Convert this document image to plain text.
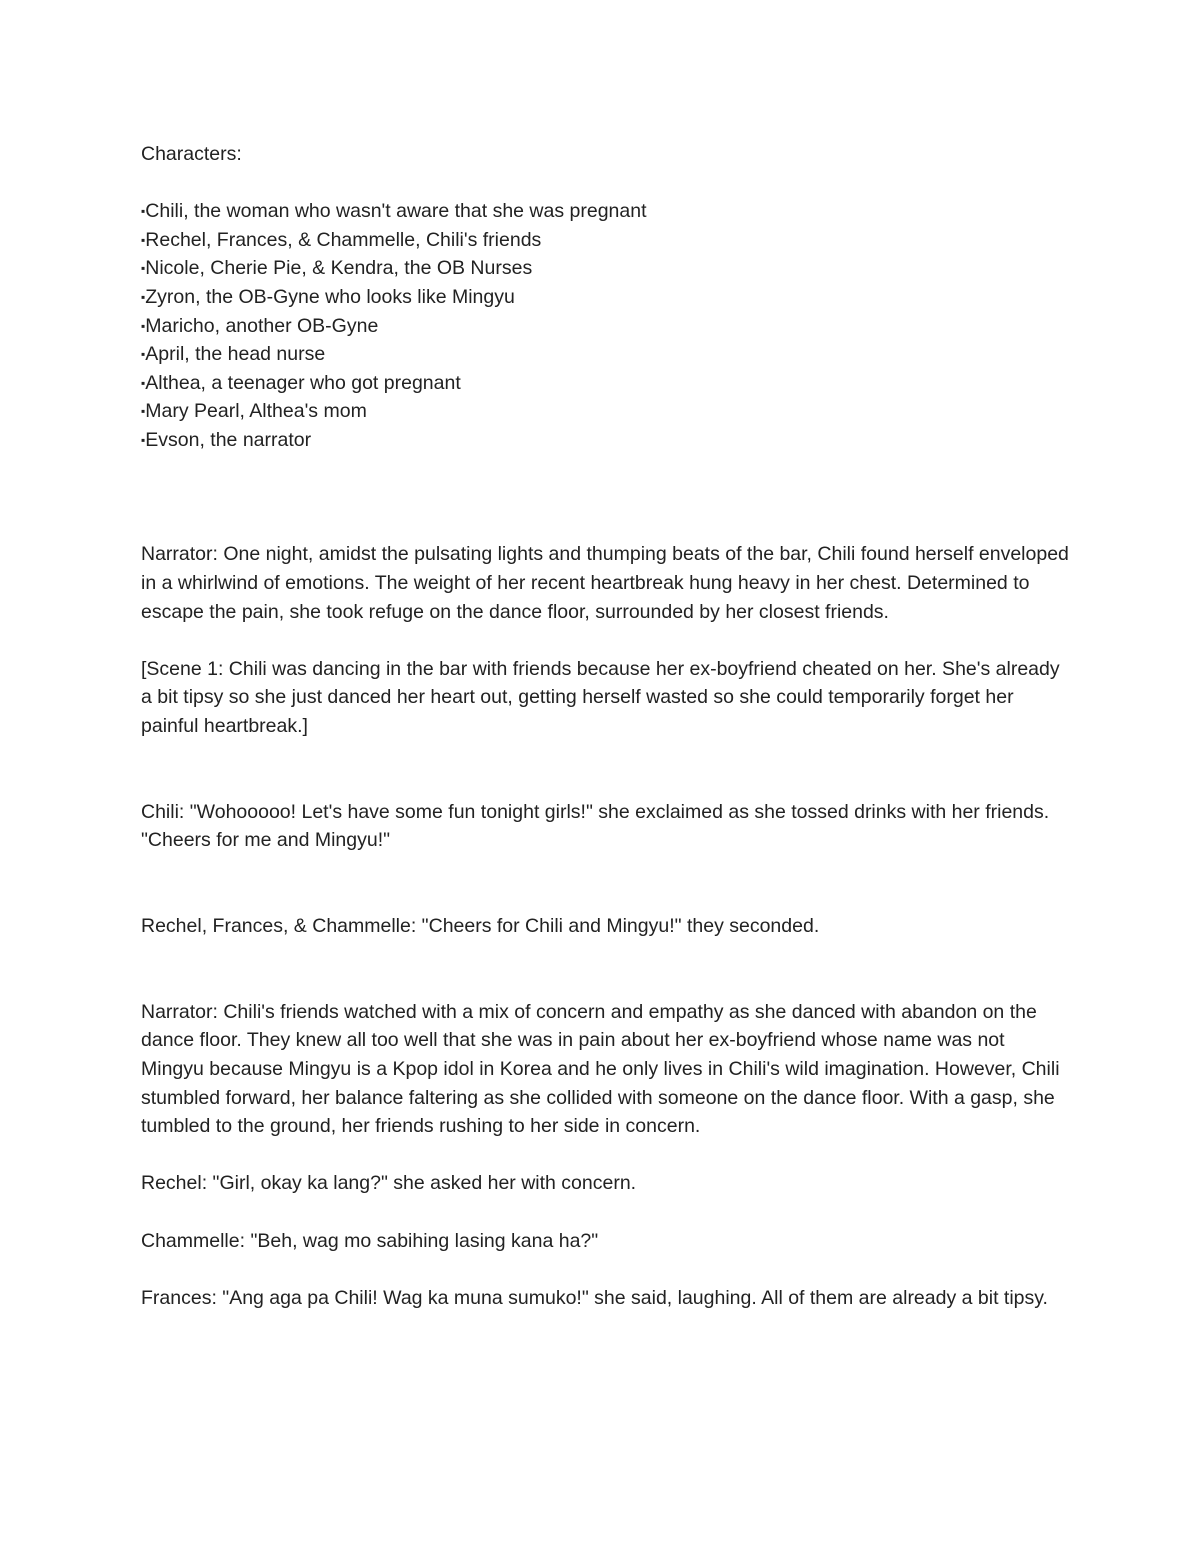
Characters:

▪Chili, the woman who wasn't aware that she was pregnant
▪Rechel, Frances, & Chammelle, Chili's friends
▪Nicole, Cherie Pie, & Kendra, the OB Nurses
▪Zyron, the OB-Gyne who looks like Mingyu
▪Maricho, another OB-Gyne
▪April, the head nurse
▪Althea, a teenager who got pregnant
▪Mary Pearl, Althea's mom
▪Evson, the narrator

Narrator: One night, amidst the pulsating lights and thumping beats of the bar, Chili found herself enveloped in a whirlwind of emotions. The weight of her recent heartbreak hung heavy in her chest. Determined to escape the pain, she took refuge on the dance floor, surrounded by her closest friends.

[Scene 1: Chili was dancing in the bar with friends because her ex-boyfriend cheated on her. She's already a bit tipsy so she just danced her heart out, getting herself wasted so she could temporarily forget her painful heartbreak.]

Chili: "Wohooooo! Let's have some fun tonight girls!" she exclaimed as she tossed drinks with her friends. "Cheers for me and Mingyu!"

Rechel, Frances, & Chammelle: "Cheers for Chili and Mingyu!" they seconded.

Narrator: Chili's friends watched with a mix of concern and empathy as she danced with abandon on the dance floor. They knew all too well that she was in pain about her ex-boyfriend whose name was not Mingyu because Mingyu is a Kpop idol in Korea and he only lives in Chili's wild imagination. However, Chili stumbled forward, her balance faltering as she collided with someone on the dance floor. With a gasp, she tumbled to the ground, her friends rushing to her side in concern.

Rechel: "Girl, okay ka lang?" she asked her with concern.

Chammelle: "Beh, wag mo sabihing lasing kana ha?"

Frances: "Ang aga pa Chili! Wag ka muna sumuko!" she said, laughing. All of them are already a bit tipsy.
